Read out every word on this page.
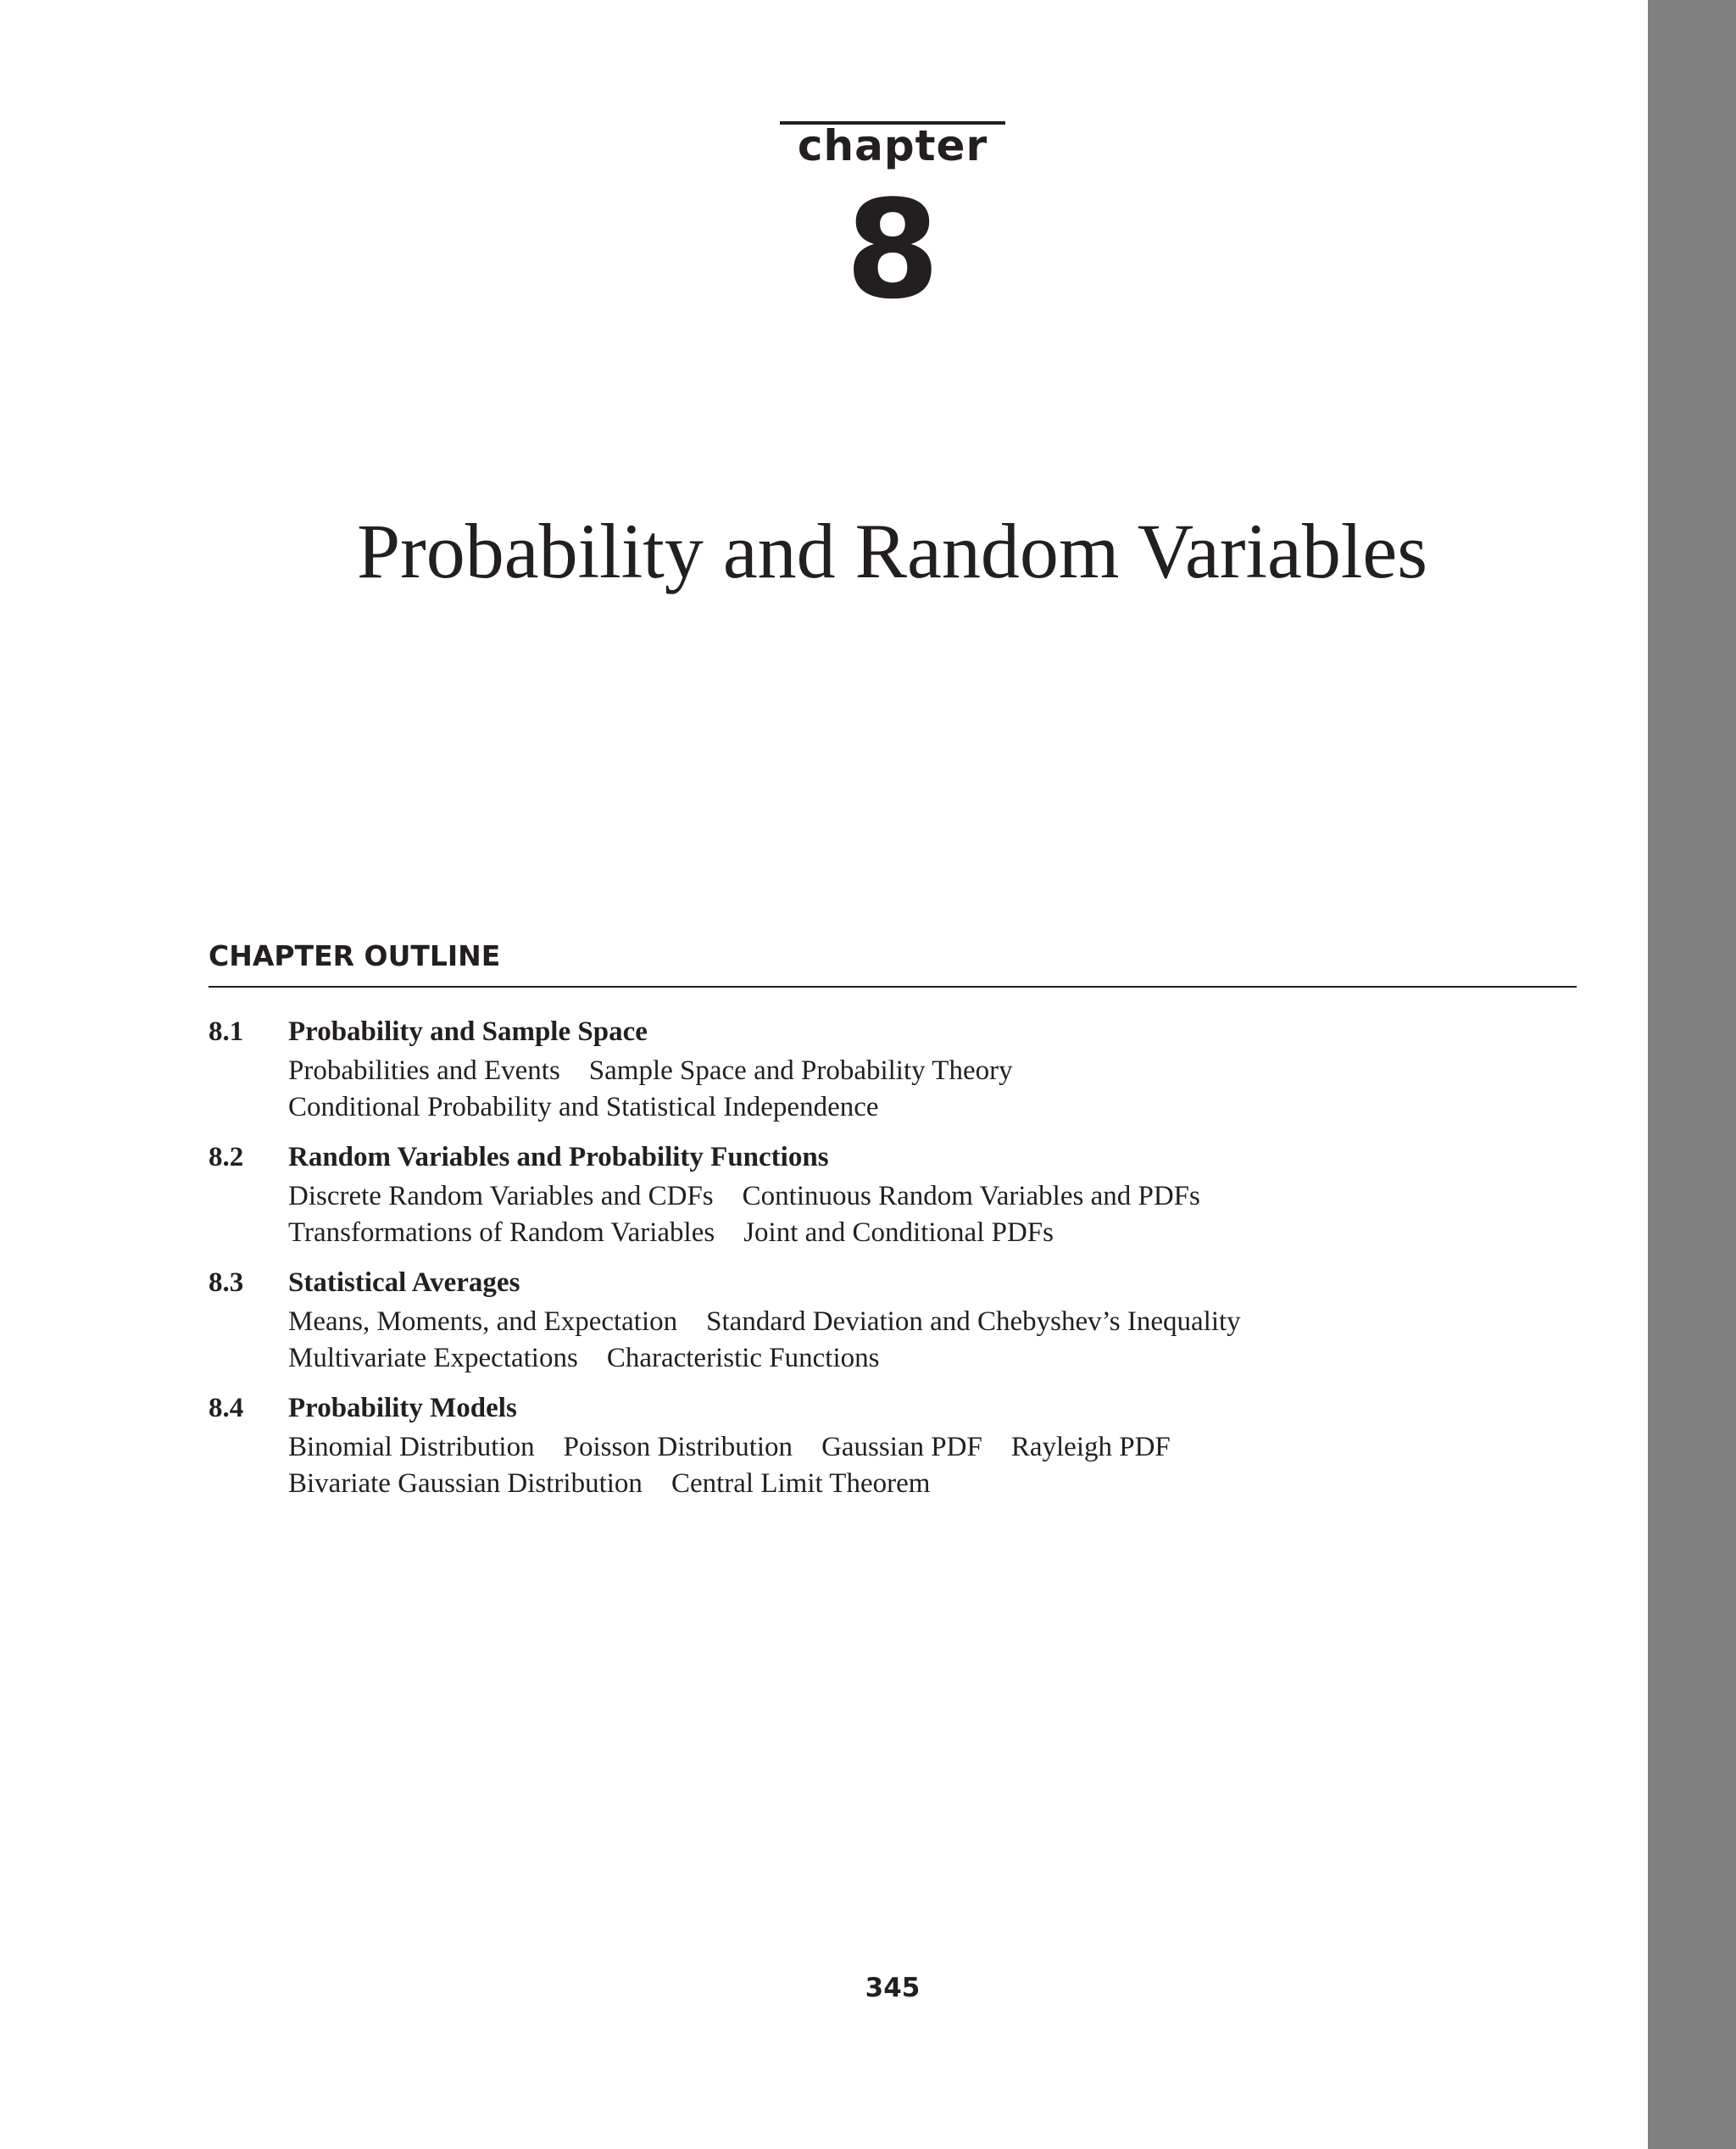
chapter
8
Probability and Random Variables
CHAPTER OUTLINE
8.1 Probability and Sample Space
Probabilities and Events Sample Space and Probability Theory
Conditional Probability and Statistical Independence
8.2 Random Variables and Probability Functions
Discrete Random Variables and CDFs Continuous Random Variables and PDFs
Transformations of Random Variables Joint and Conditional PDFs
8.3 Statistical Averages
Means, Moments, and Expectation Standard Deviation and Chebyshev’s Inequality
Multivariate Expectations Characteristic Functions
8.4 Probability Models
Binomial Distribution Poisson Distribution Gaussian PDF Rayleigh PDF
Bivariate Gaussian Distribution Central Limit Theorem
345
